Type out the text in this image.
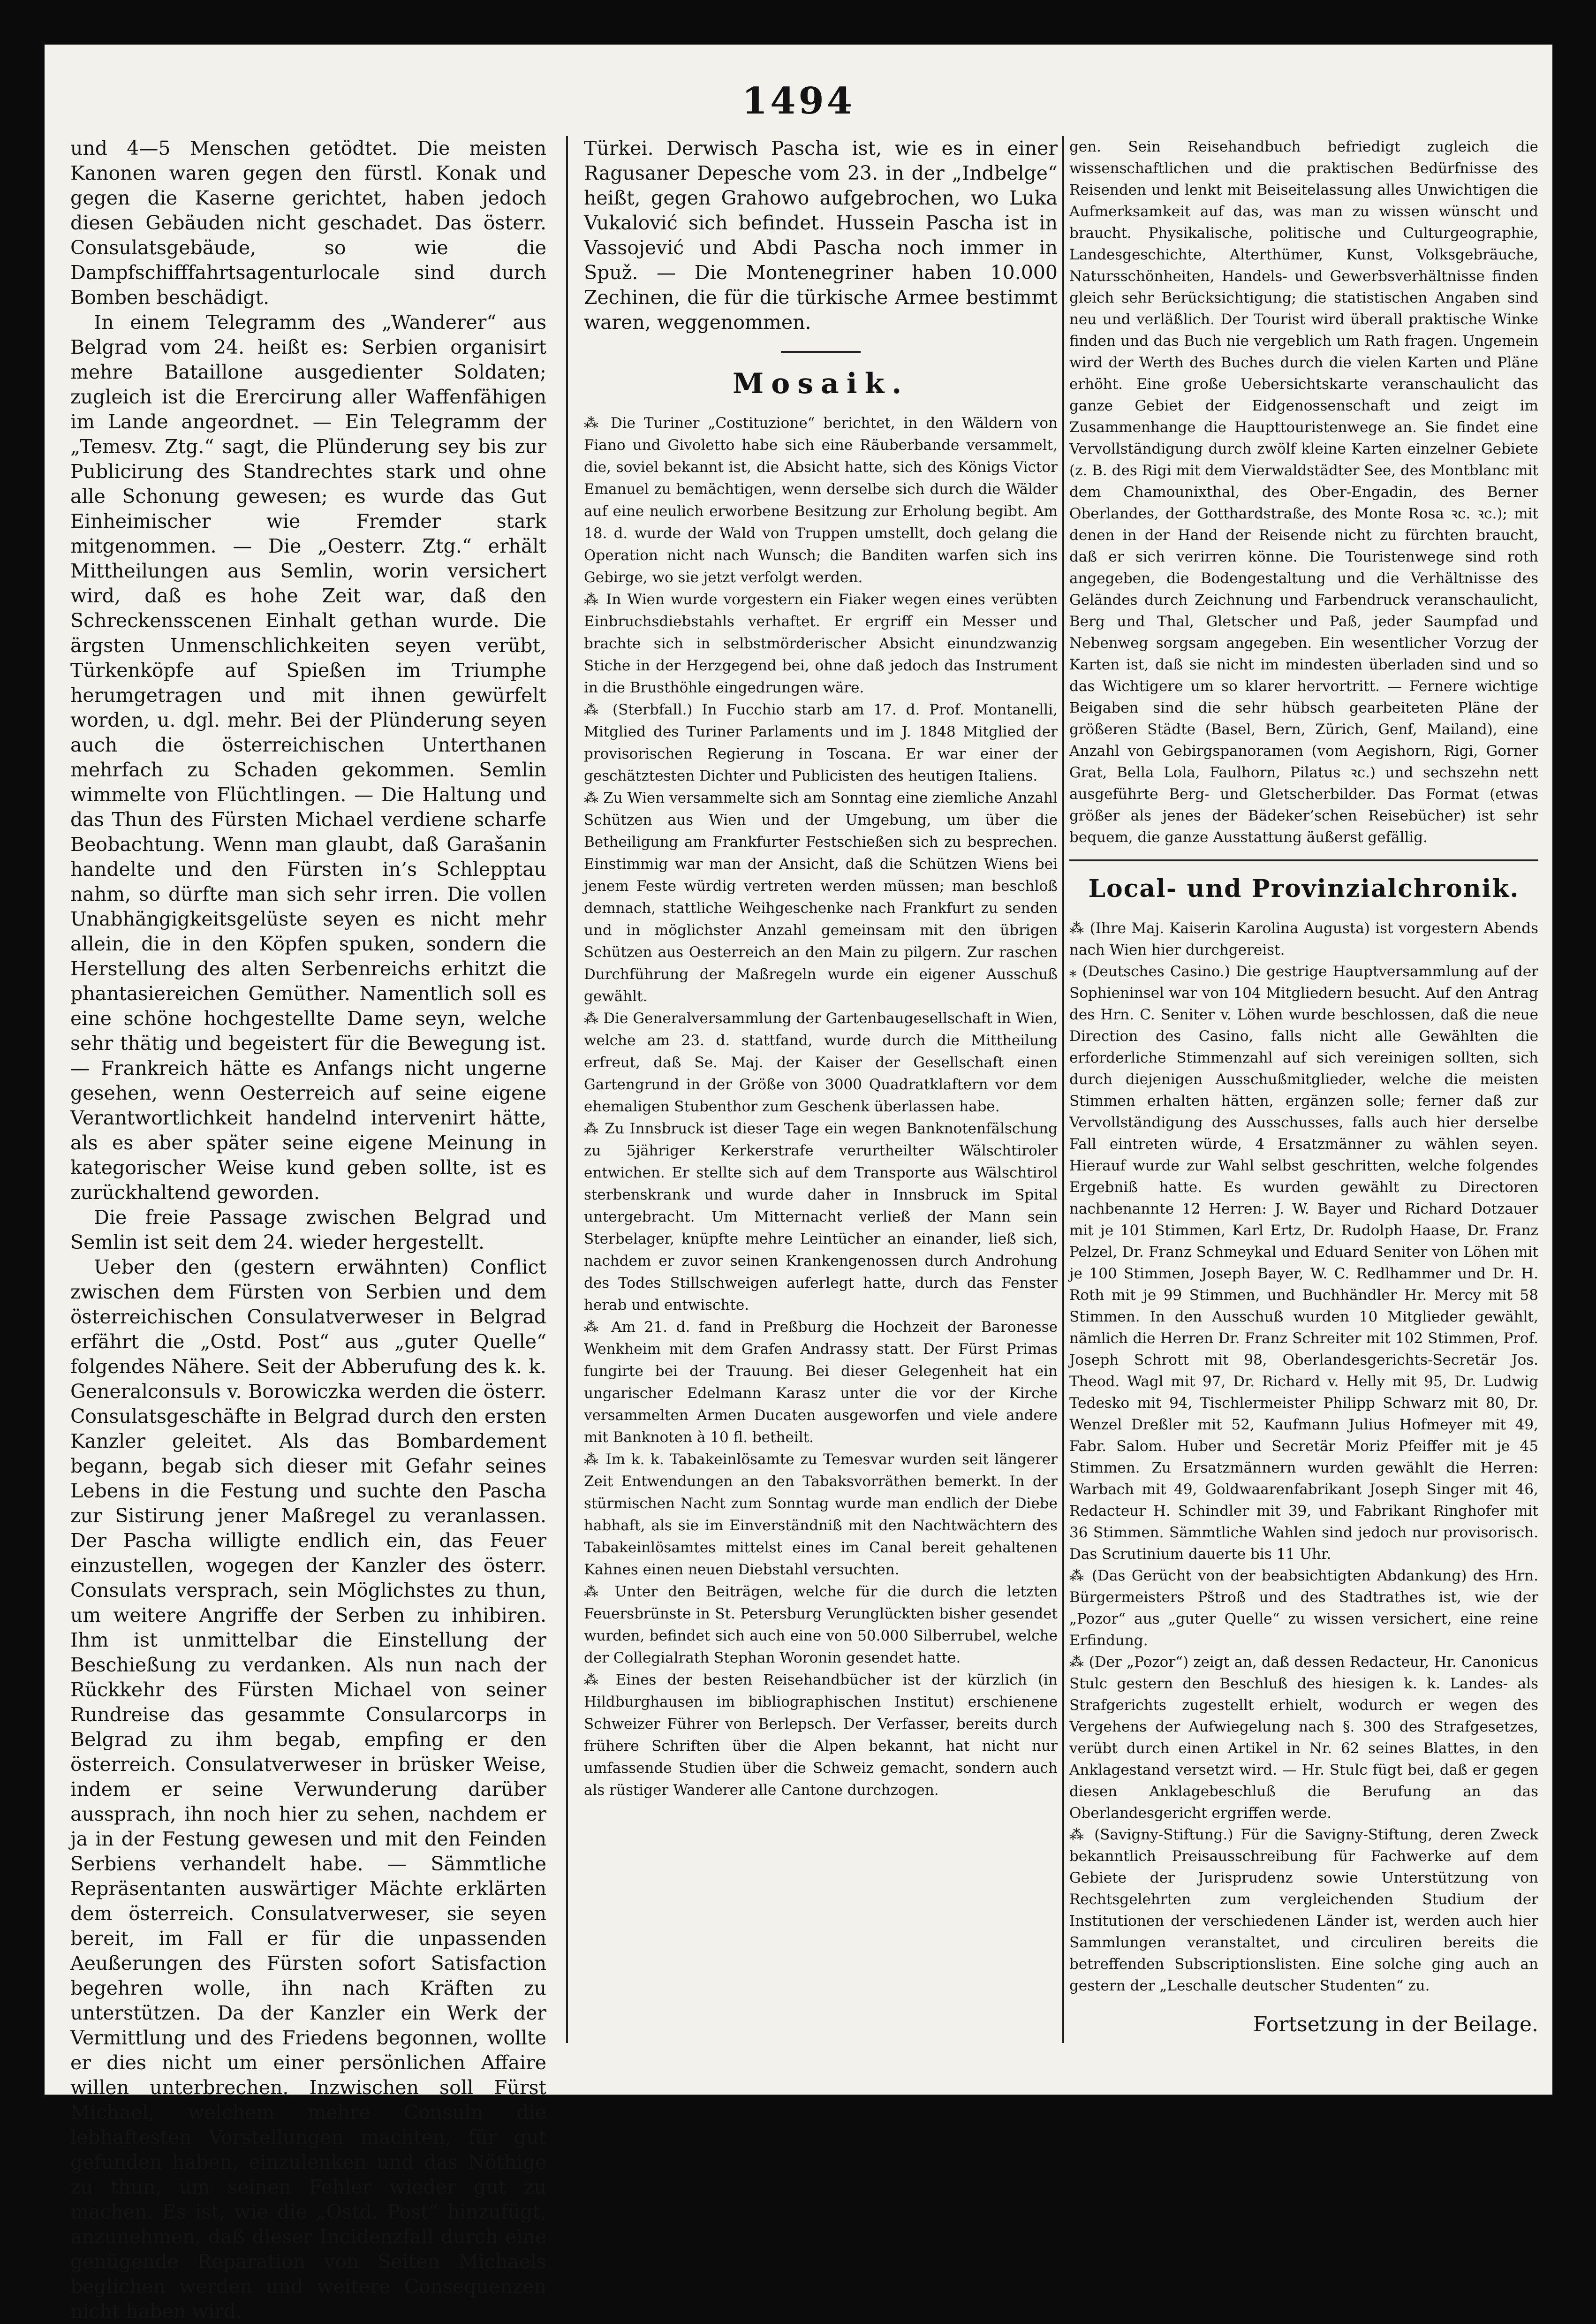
1494

und 4—5 Menschen getödtet. Die meisten Kanonen waren gegen den fürstl. Konak und gegen die Kaserne gerichtet, haben jedoch diesen Gebäuden nicht geschadet. Das österr. Consulatsgebäude, so wie die Dampfschifffahrtsagenturlocale sind durch Bomben beschädigt.

In einem Telegramm des „Wanderer“ aus Belgrad vom 24. heißt es: Serbien organisirt mehre Bataillone ausgedienter Soldaten; zugleich ist die Erercirung aller Waffenfähigen im Lande angeordnet. — Ein Telegramm der „Temesv. Ztg.“ sagt, die Plünderung sey bis zur Publicirung des Standrechtes stark und ohne alle Schonung gewesen; es wurde das Gut Einheimischer wie Fremder stark mitgenommen. — Die „Oesterr. Ztg.“ erhält Mittheilungen aus Semlin, worin versichert wird, daß es hohe Zeit war, daß den Schreckensscenen Einhalt gethan wurde. Die ärgsten Unmenschlichkeiten seyen verübt, Türkenköpfe auf Spießen im Triumphe herumgetragen und mit ihnen gewürfelt worden, u. dgl. mehr. Bei der Plünderung seyen auch die österreichischen Unterthanen mehrfach zu Schaden gekommen. Semlin wimmelte von Flüchtlingen. — Die Haltung und das Thun des Fürsten Michael verdiene scharfe Beobachtung. Wenn man glaubt, daß Garašanin handelte und den Fürsten in’s Schlepptau nahm, so dürfte man sich sehr irren. Die vollen Unabhängigkeitsgelüste seyen es nicht mehr allein, die in den Köpfen spuken, sondern die Herstellung des alten Serbenreichs erhitzt die phantasiereichen Gemüther. Namentlich soll es eine schöne hochgestellte Dame seyn, welche sehr thätig und begeistert für die Bewegung ist. — Frankreich hätte es Anfangs nicht ungerne gesehen, wenn Oesterreich auf seine eigene Verantwortlichkeit handelnd intervenirt hätte, als es aber später seine eigene Meinung in kategorischer Weise kund geben sollte, ist es zurückhaltend geworden.

Die freie Passage zwischen Belgrad und Semlin ist seit dem 24. wieder hergestellt.

Ueber den (gestern erwähnten) Conflict zwischen dem Fürsten von Serbien und dem österreichischen Consulatverweser in Belgrad erfährt die „Ostd. Post“ aus „guter Quelle“ folgendes Nähere. Seit der Abberufung des k. k. Generalconsuls v. Borowiczka werden die österr. Consulatsgeschäfte in Belgrad durch den ersten Kanzler geleitet. Als das Bombardement begann, begab sich dieser mit Gefahr seines Lebens in die Festung und suchte den Pascha zur Sistirung jener Maßregel zu veranlassen. Der Pascha willigte endlich ein, das Feuer einzustellen, wogegen der Kanzler des österr. Consulats versprach, sein Möglichstes zu thun, um weitere Angriffe der Serben zu inhibiren. Ihm ist unmittelbar die Einstellung der Beschießung zu verdanken. Als nun nach der Rückkehr des Fürsten Michael von seiner Rundreise das gesammte Consularcorps in Belgrad zu ihm begab, empfing er den österreich. Consulatverweser in brüsker Weise, indem er seine Verwunderung darüber aussprach, ihn noch hier zu sehen, nachdem er ja in der Festung gewesen und mit den Feinden Serbiens verhandelt habe. — Sämmtliche Repräsentanten auswärtiger Mächte erklärten dem österreich. Consulatverweser, sie seyen bereit, im Fall er für die unpassenden Aeußerungen des Fürsten sofort Satisfaction begehren wolle, ihn nach Kräften zu unterstützen. Da der Kanzler ein Werk der Vermittlung und des Friedens begonnen, wollte er dies nicht um einer persönlichen Affaire willen unterbrechen. Inzwischen soll Fürst Michael, welchem mehre Consuln die lebhaftesten Vorstellungen machten, für gut gefunden haben, einzulenken und das Nöthige zu thun, um seinen Fehler wieder gut zu machen. Es ist, wie die „Ostd. Post“ hinzufügt, anzunehmen, daß dieser Incidenzfall durch eine genügende Reparation von Seiten Michaels beglichen werden und weitere Consequenzen nicht haben wird.

Türkei. Derwisch Pascha ist, wie es in einer Ragusaner Depesche vom 23. in der „Indbelge“ heißt, gegen Grahowo aufgebrochen, wo Luka Vukalović sich befindet. Hussein Pascha ist in Vassojević und Abdi Pascha noch immer in Spuž. — Die Montenegriner haben 10.000 Zechinen, die für die türkische Armee bestimmt waren, weggenommen.

Mosaik.

⁂ Die Turiner „Costituzione“ berichtet, in den Wäldern von Fiano und Givoletto habe sich eine Räuberbande versammelt, die, soviel bekannt ist, die Absicht hatte, sich des Königs Victor Emanuel zu bemächtigen, wenn derselbe sich durch die Wälder auf eine neulich erworbene Besitzung zur Erholung begibt. Am 18. d. wurde der Wald von Truppen umstellt, doch gelang die Operation nicht nach Wunsch; die Banditen warfen sich ins Gebirge, wo sie jetzt verfolgt werden.

⁂ In Wien wurde vorgestern ein Fiaker wegen eines verübten Einbruchsdiebstahls verhaftet. Er ergriff ein Messer und brachte sich in selbstmörderischer Absicht einundzwanzig Stiche in der Herzgegend bei, ohne daß jedoch das Instrument in die Brusthöhle eingedrungen wäre.

⁂ (Sterbfall.) In Fucchio starb am 17. d. Prof. Montanelli, Mitglied des Turiner Parlaments und im J. 1848 Mitglied der provisorischen Regierung in Toscana. Er war einer der geschätztesten Dichter und Publicisten des heutigen Italiens.

⁂ Zu Wien versammelte sich am Sonntag eine ziemliche Anzahl Schützen aus Wien und der Umgebung, um über die Betheiligung am Frankfurter Festschießen sich zu besprechen. Einstimmig war man der Ansicht, daß die Schützen Wiens bei jenem Feste würdig vertreten werden müssen; man beschloß demnach, stattliche Weihgeschenke nach Frankfurt zu senden und in möglichster Anzahl gemeinsam mit den übrigen Schützen aus Oesterreich an den Main zu pilgern. Zur raschen Durchführung der Maßregeln wurde ein eigener Ausschuß gewählt.

⁂ Die Generalversammlung der Gartenbaugesellschaft in Wien, welche am 23. d. stattfand, wurde durch die Mittheilung erfreut, daß Se. Maj. der Kaiser der Gesellschaft einen Gartengrund in der Größe von 3000 Quadratklaftern vor dem ehemaligen Stubenthor zum Geschenk überlassen habe.

⁂ Zu Innsbruck ist dieser Tage ein wegen Banknotenfälschung zu 5jähriger Kerkerstrafe verurtheilter Wälschtiroler entwichen. Er stellte sich auf dem Transporte aus Wälschtirol sterbenskrank und wurde daher in Innsbruck im Spital untergebracht. Um Mitternacht verließ der Mann sein Sterbelager, knüpfte mehre Leintücher an einander, ließ sich, nachdem er zuvor seinen Krankengenossen durch Androhung des Todes Stillschweigen auferlegt hatte, durch das Fenster herab und entwischte.

⁂ Am 21. d. fand in Preßburg die Hochzeit der Baronesse Wenkheim mit dem Grafen Andrassy statt. Der Fürst Primas fungirte bei der Trauung. Bei dieser Gelegenheit hat ein ungarischer Edelmann Karasz unter die vor der Kirche versammelten Armen Ducaten ausgeworfen und viele andere mit Banknoten à 10 fl. betheilt.

⁂ Im k. k. Tabakeinlösamte zu Temesvar wurden seit längerer Zeit Entwendungen an den Tabaksvorräthen bemerkt. In der stürmischen Nacht zum Sonntag wurde man endlich der Diebe habhaft, als sie im Einverständniß mit den Nachtwächtern des Tabakeinlösamtes mittelst eines im Canal bereit gehaltenen Kahnes einen neuen Diebstahl versuchten.

⁂ Unter den Beiträgen, welche für die durch die letzten Feuersbrünste in St. Petersburg Verunglückten bisher gesendet wurden, befindet sich auch eine von 50.000 Silberrubel, welche der Collegialrath Stephan Woronin gesendet hatte.

⁂ Eines der besten Reisehandbücher ist der kürzlich (in Hildburghausen im bibliographischen Institut) erschienene Schweizer Führer von Berlepsch. Der Verfasser, bereits durch frühere Schriften über die Alpen bekannt, hat nicht nur umfassende Studien über die Schweiz gemacht, sondern auch als rüstiger Wanderer alle Cantone durchzogen.

gen. Sein Reisehandbuch befriedigt zugleich die wissenschaftlichen und die praktischen Bedürfnisse des Reisenden und lenkt mit Beiseitelassung alles Unwichtigen die Aufmerksamkeit auf das, was man zu wissen wünscht und braucht. Physikalische, politische und Culturgeographie, Landesgeschichte, Alterthümer, Kunst, Volksgebräuche, Natursschönheiten, Handels- und Gewerbsverhältnisse finden gleich sehr Berücksichtigung; die statistischen Angaben sind neu und verläßlich. Der Tourist wird überall praktische Winke finden und das Buch nie vergeblich um Rath fragen. Ungemein wird der Werth des Buches durch die vielen Karten und Pläne erhöht. Eine große Uebersichtskarte veranschaulicht das ganze Gebiet der Eidgenossenschaft und zeigt im Zusammenhange die Haupttouristenwege an. Sie findet eine Vervollständigung durch zwölf kleine Karten einzelner Gebiete (z. B. des Rigi mit dem Vierwaldstädter See, des Montblanc mit dem Chamounixthal, des Ober-Engadin, des Berner Oberlandes, der Gotthardstraße, des Monte Rosa ꝛc. ꝛc.); mit denen in der Hand der Reisende nicht zu fürchten braucht, daß er sich verirren könne. Die Touristenwege sind roth angegeben, die Bodengestaltung und die Verhältnisse des Geländes durch Zeichnung und Farbendruck veranschaulicht, Berg und Thal, Gletscher und Paß, jeder Saumpfad und Nebenweg sorgsam angegeben. Ein wesentlicher Vorzug der Karten ist, daß sie nicht im mindesten überladen sind und so das Wichtigere um so klarer hervortritt. — Fernere wichtige Beigaben sind die sehr hübsch gearbeiteten Pläne der größeren Städte (Basel, Bern, Zürich, Genf, Mailand), eine Anzahl von Gebirgspanoramen (vom Aegishorn, Rigi, Gorner Grat, Bella Lola, Faulhorn, Pilatus ꝛc.) und sechszehn nett ausgeführte Berg- und Gletscherbilder. Das Format (etwas größer als jenes der Bädeker’schen Reisebücher) ist sehr bequem, die ganze Ausstattung äußerst gefällig.

Local- und Provinzialchronik.

⁂ (Ihre Maj. Kaiserin Karolina Augusta) ist vorgestern Abends nach Wien hier durchgereist.

⁎ (Deutsches Casino.) Die gestrige Hauptversammlung auf der Sophieninsel war von 104 Mitgliedern besucht. Auf den Antrag des Hrn. C. Seniter v. Löhen wurde beschlossen, daß die neue Direction des Casino, falls nicht alle Gewählten die erforderliche Stimmenzahl auf sich vereinigen sollten, sich durch diejenigen Ausschußmitglieder, welche die meisten Stimmen erhalten hätten, ergänzen solle; ferner daß zur Vervollständigung des Ausschusses, falls auch hier derselbe Fall eintreten würde, 4 Ersatzmänner zu wählen seyen. Hierauf wurde zur Wahl selbst geschritten, welche folgendes Ergebniß hatte. Es wurden gewählt zu Directoren nachbenannte 12 Herren: J. W. Bayer und Richard Dotzauer mit je 101 Stimmen, Karl Ertz, Dr. Rudolph Haase, Dr. Franz Pelzel, Dr. Franz Schmeykal und Eduard Seniter von Löhen mit je 100 Stimmen, Joseph Bayer, W. C. Redlhammer und Dr. H. Roth mit je 99 Stimmen, und Buchhändler Hr. Mercy mit 58 Stimmen. In den Ausschuß wurden 10 Mitglieder gewählt, nämlich die Herren Dr. Franz Schreiter mit 102 Stimmen, Prof. Joseph Schrott mit 98, Oberlandesgerichts-Secretär Jos. Theod. Wagl mit 97, Dr. Richard v. Helly mit 95, Dr. Ludwig Tedesko mit 94, Tischlermeister Philipp Schwarz mit 80, Dr. Wenzel Dreßler mit 52, Kaufmann Julius Hofmeyer mit 49, Fabr. Salom. Huber und Secretär Moriz Pfeiffer mit je 45 Stimmen. Zu Ersatzmännern wurden gewählt die Herren: Warbach mit 49, Goldwaarenfabrikant Joseph Singer mit 46, Redacteur H. Schindler mit 39, und Fabrikant Ringhofer mit 36 Stimmen. Sämmtliche Wahlen sind jedoch nur provisorisch. Das Scrutinium dauerte bis 11 Uhr.

⁂ (Das Gerücht von der beabsichtigten Abdankung) des Hrn. Bürgermeisters Pštroß und des Stadtrathes ist, wie der „Pozor“ aus „guter Quelle“ zu wissen versichert, eine reine Erfindung.

⁂ (Der „Pozor“) zeigt an, daß dessen Redacteur, Hr. Canonicus Stulc gestern den Beschluß des hiesigen k. k. Landes- als Strafgerichts zugestellt erhielt, wodurch er wegen des Vergehens der Aufwiegelung nach §. 300 des Strafgesetzes, verübt durch einen Artikel in Nr. 62 seines Blattes, in den Anklagestand versetzt wird. — Hr. Stulc fügt bei, daß er gegen diesen Anklagebeschluß die Berufung an das Oberlandesgericht ergriffen werde.

⁂ (Savigny-Stiftung.) Für die Savigny-Stiftung, deren Zweck bekanntlich Preisausschreibung für Fachwerke auf dem Gebiete der Jurisprudenz sowie Unterstützung von Rechtsgelehrten zum vergleichenden Studium der Institutionen der verschiedenen Länder ist, werden auch hier Sammlungen veranstaltet, und circuliren bereits die betreffenden Subscriptionslisten. Eine solche ging auch an gestern der „Leschalle deutscher Studenten“ zu.

Fortsetzung in der Beilage.
